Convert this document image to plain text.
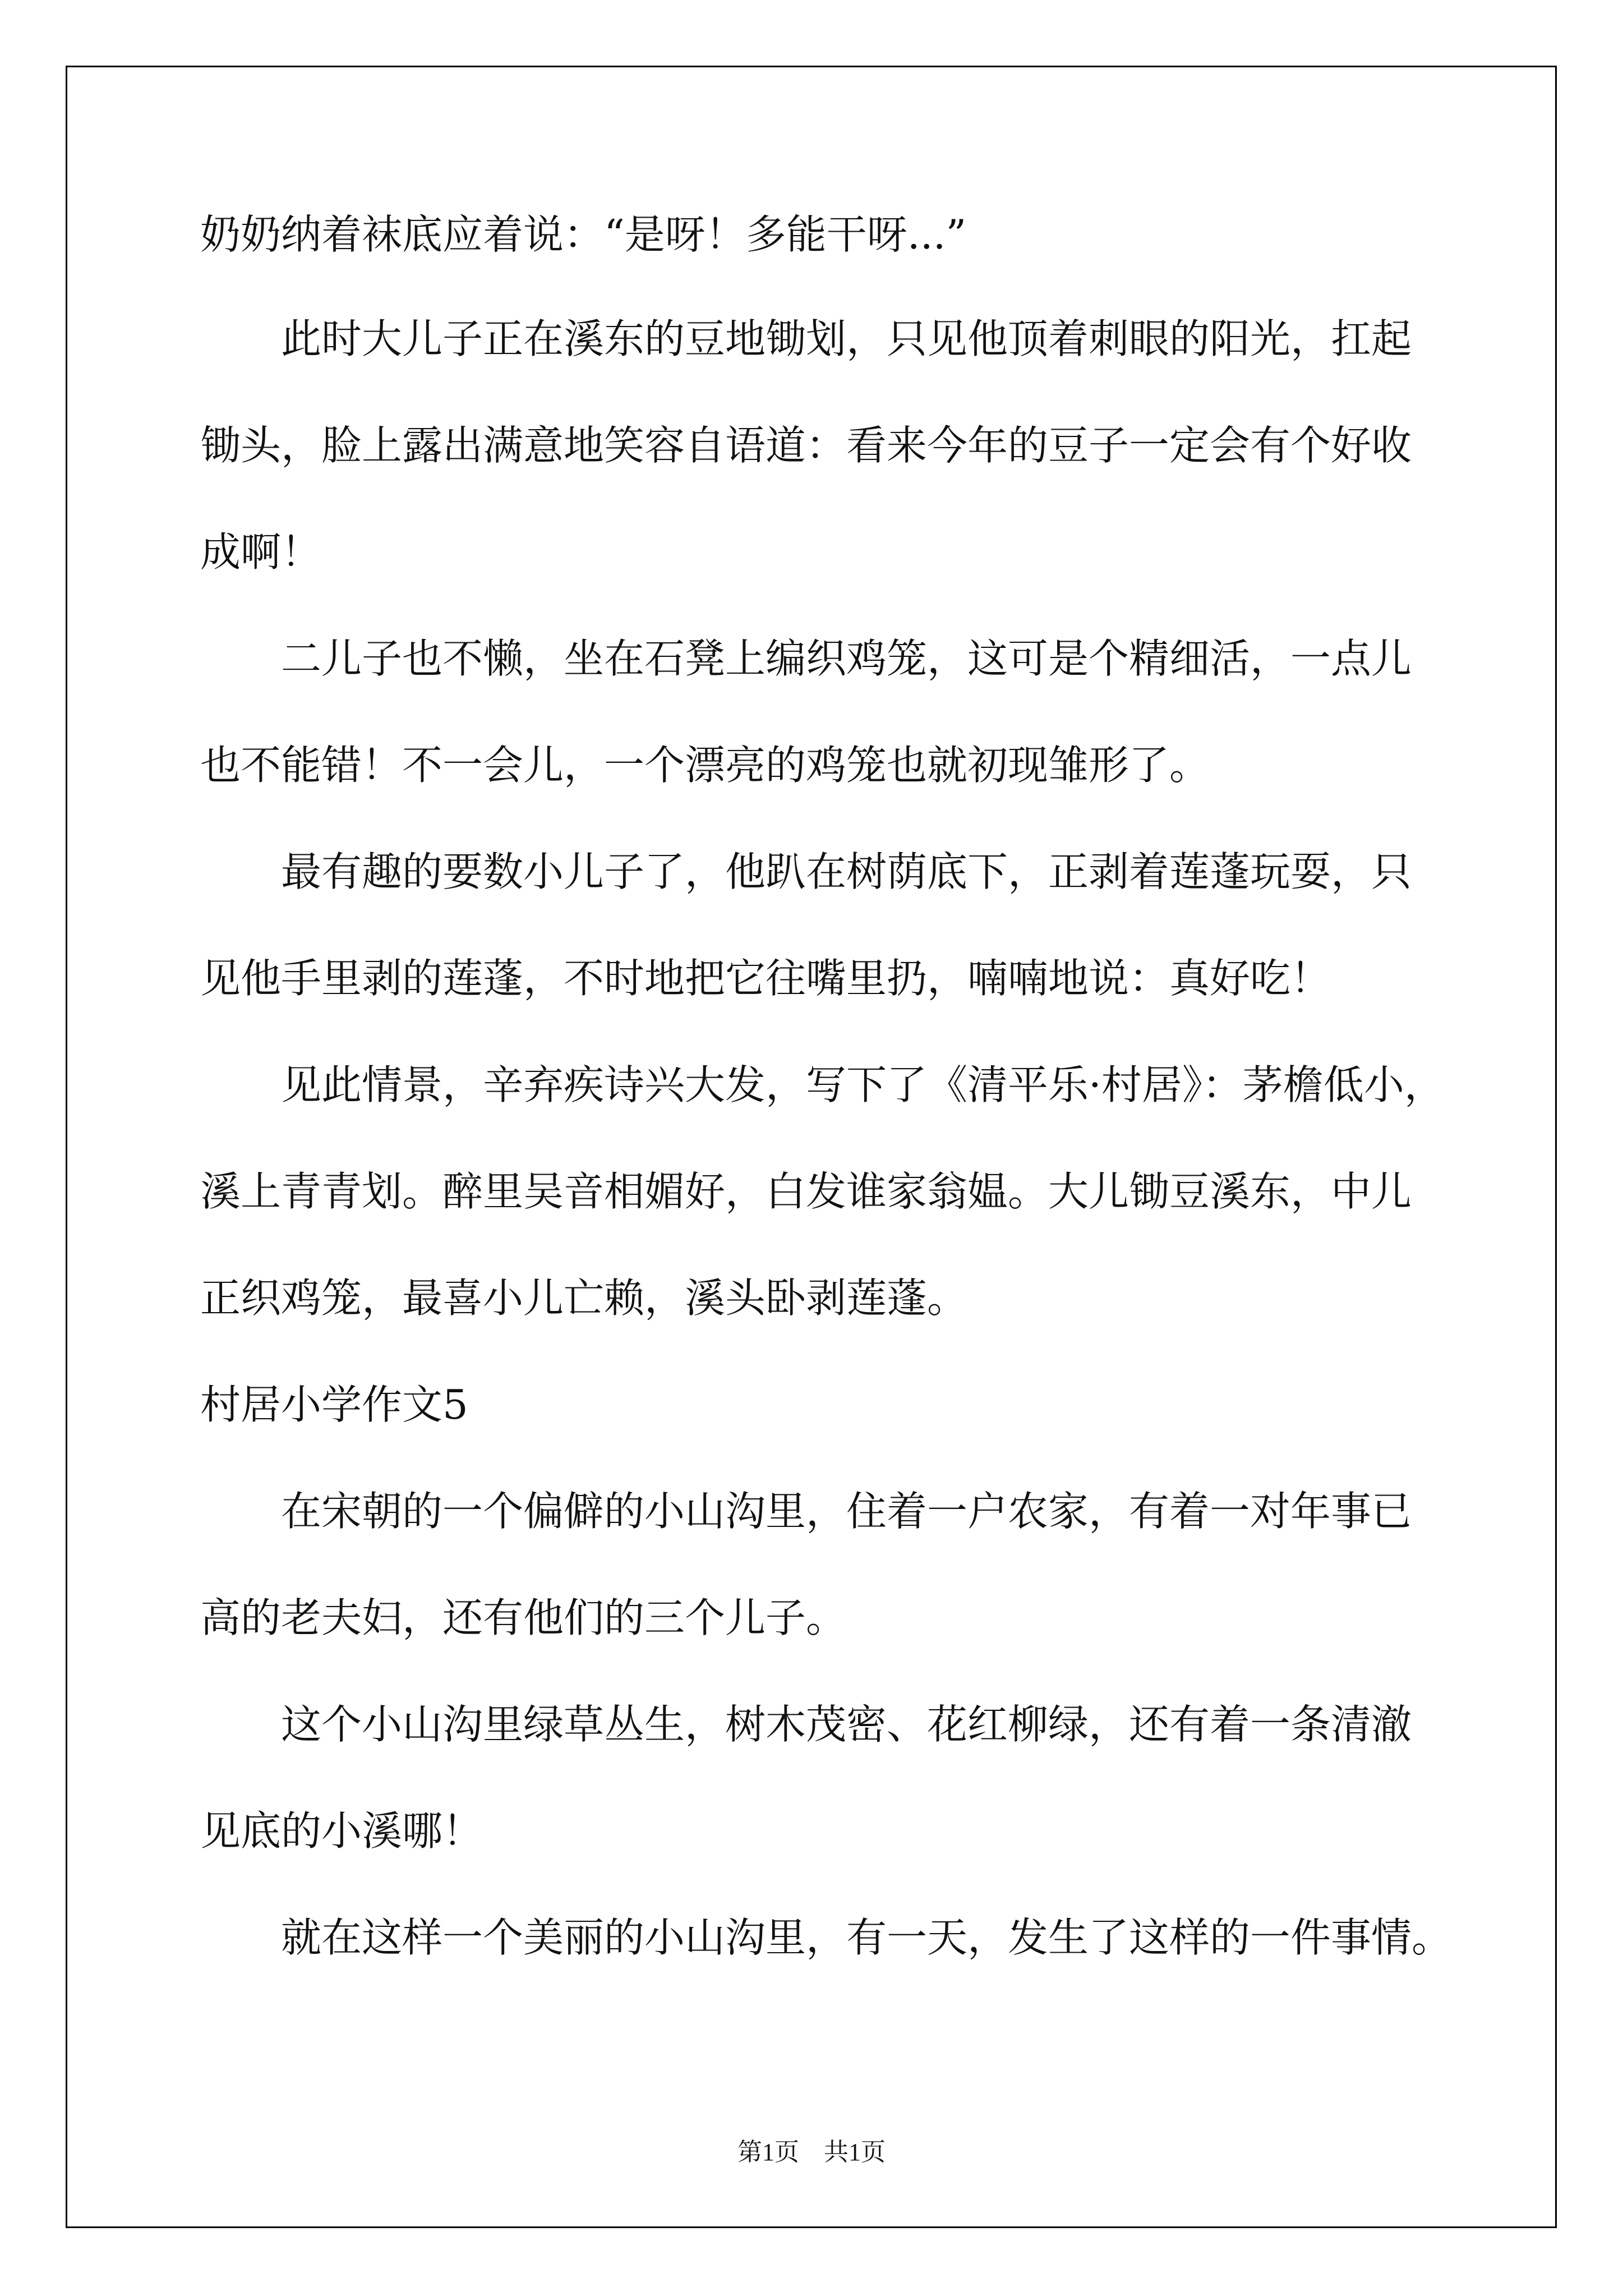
奶奶纳着袜底应着说：“是呀！多能干呀...”
　　此时大儿子正在溪东的豆地锄划，只见他顶着刺眼的阳光，扛起
锄头，脸上露出满意地笑容自语道：看来今年的豆子一定会有个好收
成啊！
　　二儿子也不懒，坐在石凳上编织鸡笼，这可是个精细活，一点儿
也不能错！不一会儿，一个漂亮的鸡笼也就初现雏形了。
　　最有趣的要数小儿子了，他趴在树荫底下，正剥着莲蓬玩耍，只
见他手里剥的莲蓬，不时地把它往嘴里扔，喃喃地说：真好吃！
　　见此情景，辛弃疾诗兴大发，写下了《清平乐·村居》：茅檐低小，
溪上青青划。醉里吴音相媚好，白发谁家翁媪。大儿锄豆溪东，中儿
正织鸡笼，最喜小儿亡赖，溪头卧剥莲蓬。
村居小学作文5
　　在宋朝的一个偏僻的小山沟里，住着一户农家，有着一对年事已
高的老夫妇，还有他们的三个儿子。
　　这个小山沟里绿草丛生，树木茂密、花红柳绿，还有着一条清澈
见底的小溪哪！
　　就在这样一个美丽的小山沟里，有一天，发生了这样的一件事情。
第1页　共1页
